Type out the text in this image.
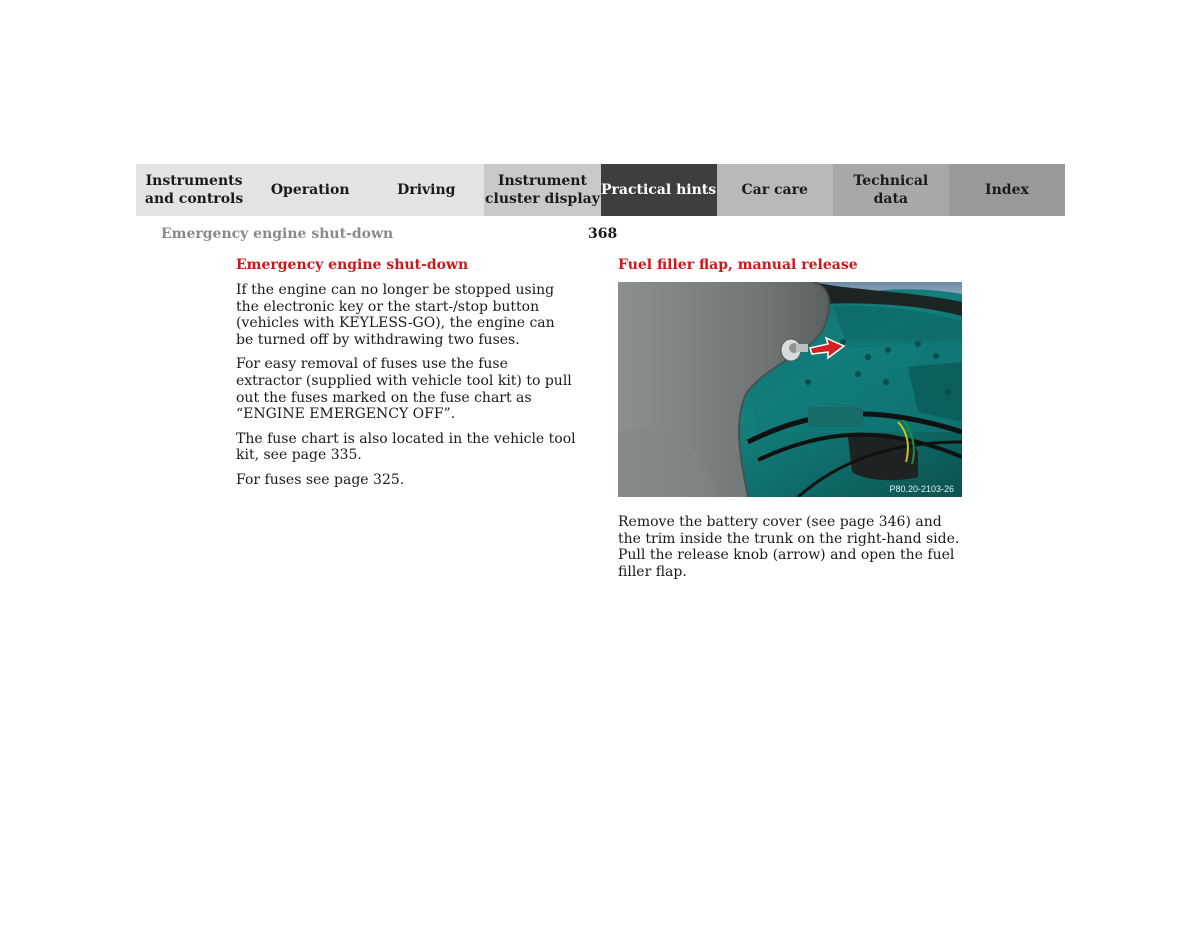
Instruments
and controls
Operation	Driving
Instrument
cluster display
Practical hints	Car care
Technical
data
Index
Emergency engine shut-down	368
Emergency engine shut-down

If the engine can no longer be stopped using the electronic key or the start-/stop button (vehicles with KEYLESS-GO), the engine can be turned off by withdrawing two fuses.

For easy removal of fuses use the fuse extractor (supplied with vehicle tool kit) to pull out the fuses marked on the fuse chart as “ENGINE EMERGENCY OFF”.

The fuse chart is also located in the vehicle tool kit, see page 335.

For fuses see page 325.

Fuel filler flap, manual release
P80.20-2103-26

Remove the battery cover (see page 346) and the trim inside the trunk on the right-hand side. Pull the release knob (arrow) and open the fuel filler flap.
